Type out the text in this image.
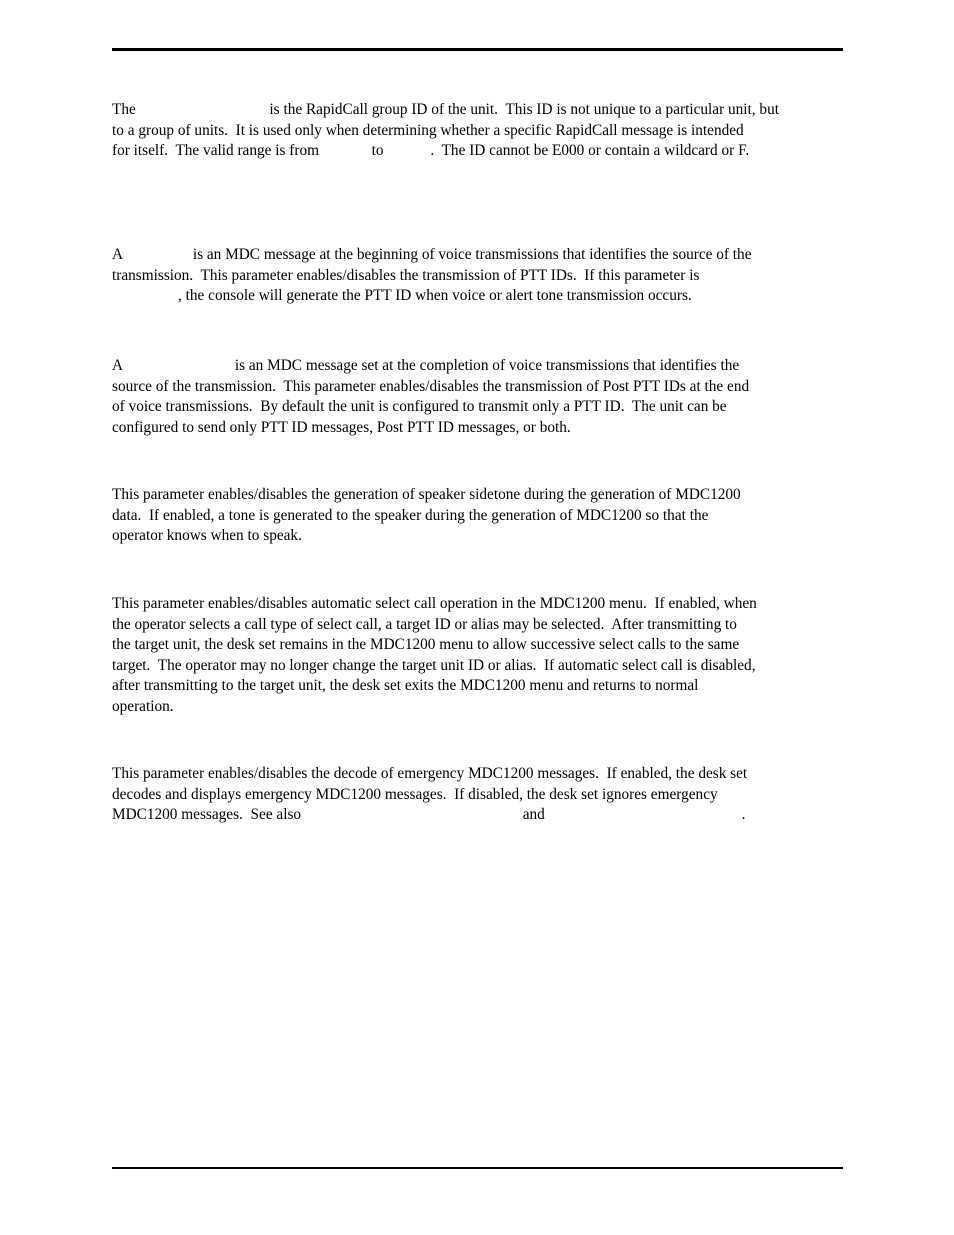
The	is the RapidCall group ID of the unit.  This ID is not unique to a particular unit, but
to a group of units.  It is used only when determining whether a specific RapidCall message is intended
for itself.  The valid range is from	to	.  The ID cannot be E000 or contain a wildcard or F.
A	is an MDC message at the beginning of voice transmissions that identifies the source of the
transmission.  This parameter enables/disables the transmission of PTT IDs.  If this parameter is
, the console will generate the PTT ID when voice or alert tone transmission occurs.
A	is an MDC message set at the completion of voice transmissions that identifies the
source of the transmission.  This parameter enables/disables the transmission of Post PTT IDs at the end
of voice transmissions.  By default the unit is configured to transmit only a PTT ID.  The unit can be
configured to send only PTT ID messages, Post PTT ID messages, or both.
This parameter enables/disables the generation of speaker sidetone during the generation of MDC1200
data.  If enabled, a tone is generated to the speaker during the generation of MDC1200 so that the
operator knows when to speak.
This parameter enables/disables automatic select call operation in the MDC1200 menu.  If enabled, when
the operator selects a call type of select call, a target ID or alias may be selected.  After transmitting to
the target unit, the desk set remains in the MDC1200 menu to allow successive select calls to the same
target.  The operator may no longer change the target unit ID or alias.  If automatic select call is disabled,
after transmitting to the target unit, the desk set exits the MDC1200 menu and returns to normal
operation.
This parameter enables/disables the decode of emergency MDC1200 messages.  If enabled, the desk set
decodes and displays emergency MDC1200 messages.  If disabled, the desk set ignores emergency
MDC1200 messages.  See also	and	.
